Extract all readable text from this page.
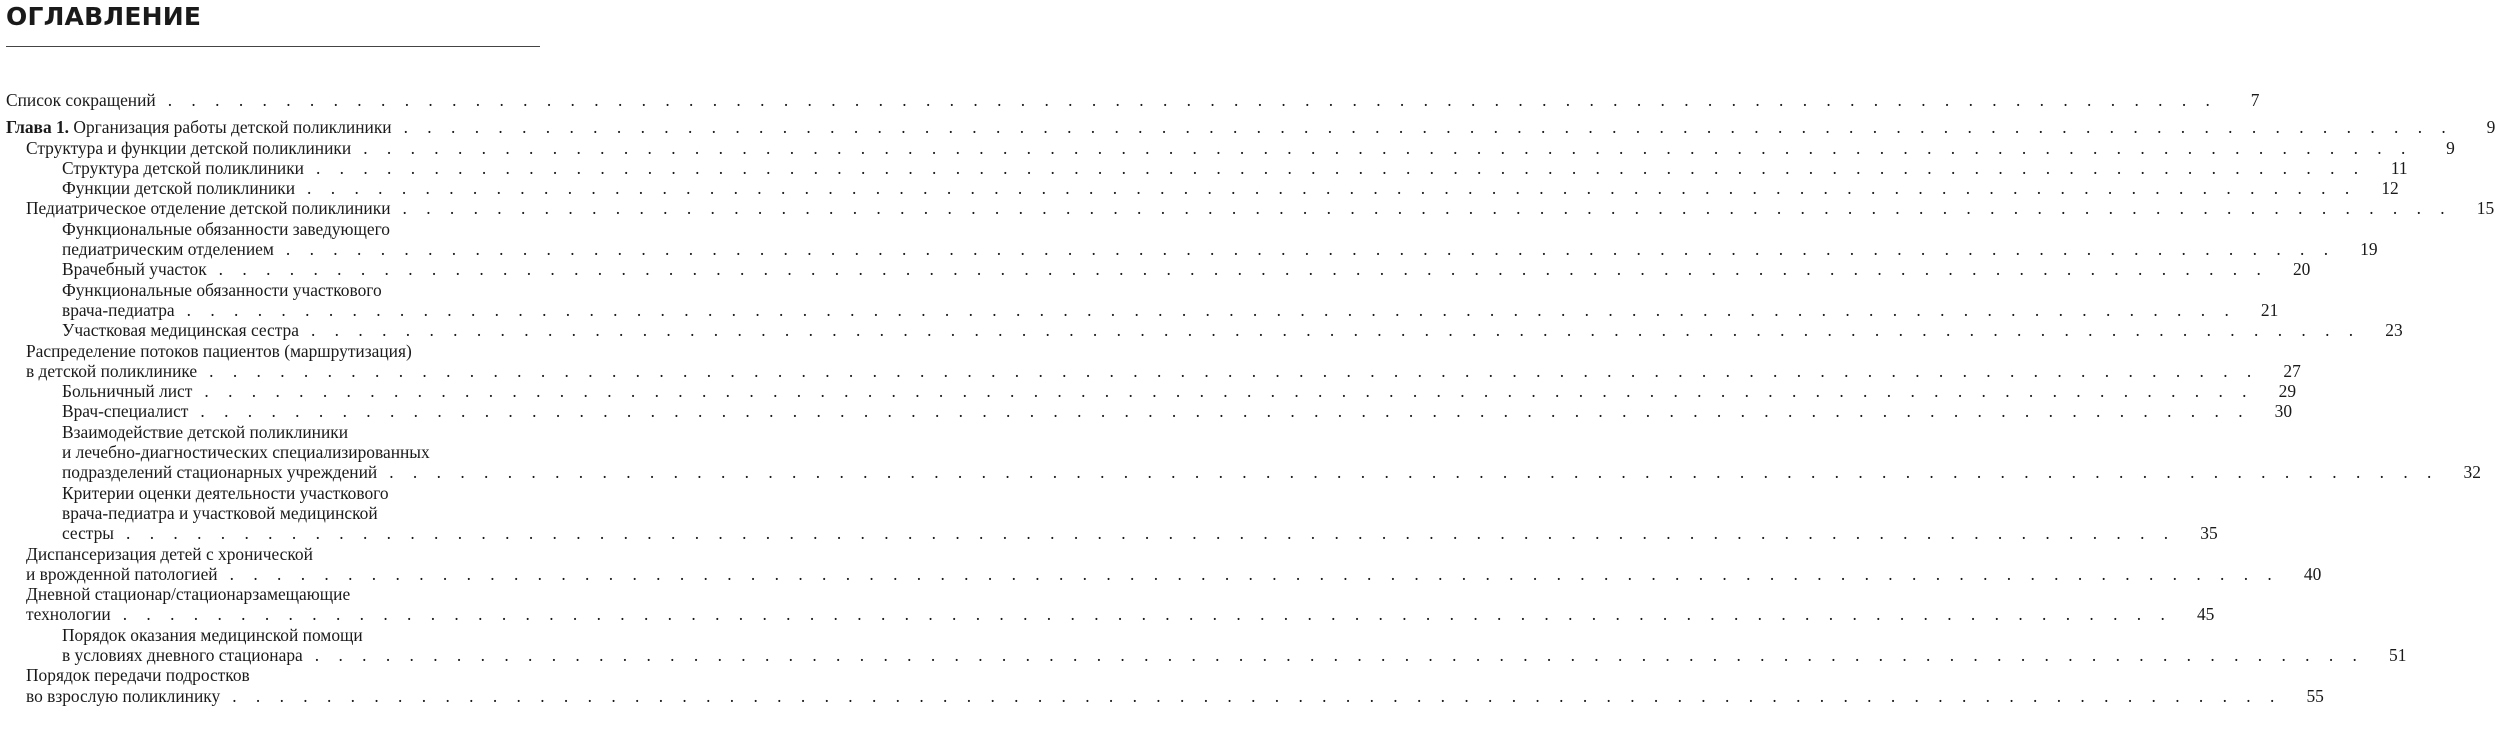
ОГЛАВЛЕНИЕ
Список сокращений . . . . . . . . . . . . . . . . . . . . . . . . . . . . . . . . . . . . . . . . . . . . . . . . . . . . . . . . . . . . . . . . . . . . . . . . . . . . . . . . . . . . . . .	7
Глава 1. Организация работы детской поликлиники . . . . . . . . . . . . . . . . . . . . . . . . . . . . . . . . . . . . . . . . . . . . . . . . . . . . . . . . . . . . . . . . . . . . . . . . . . . . . . . . . . . . . . .	9
Структура и функции детской поликлиники . . . . . . . . . . . . . . . . . . . . . . . . . . . . . . . . . . . . . . . . . . . . . . . . . . . . . . . . . . . . . . . . . . . . . . . . . . . . . . . . . . . . . . .	9
Структура детской поликлиники . . . . . . . . . . . . . . . . . . . . . . . . . . . . . . . . . . . . . . . . . . . . . . . . . . . . . . . . . . . . . . . . . . . . . . . . . . . . . . . . . . . . . . .	11
Функции детской поликлиники . . . . . . . . . . . . . . . . . . . . . . . . . . . . . . . . . . . . . . . . . . . . . . . . . . . . . . . . . . . . . . . . . . . . . . . . . . . . . . . . . . . . . . .	12
Педиатрическое отделение детской поликлиники . . . . . . . . . . . . . . . . . . . . . . . . . . . . . . . . . . . . . . . . . . . . . . . . . . . . . . . . . . . . . . . . . . . . . . . . . . . . . . . . . . . . . . .	15
Функциональные обязанности заведующего
педиатрическим отделением . . . . . . . . . . . . . . . . . . . . . . . . . . . . . . . . . . . . . . . . . . . . . . . . . . . . . . . . . . . . . . . . . . . . . . . . . . . . . . . . . . . . . . .	19
Врачебный участок . . . . . . . . . . . . . . . . . . . . . . . . . . . . . . . . . . . . . . . . . . . . . . . . . . . . . . . . . . . . . . . . . . . . . . . . . . . . . . . . . . . . . . .	20
Функциональные обязанности участкового
врача-педиатра . . . . . . . . . . . . . . . . . . . . . . . . . . . . . . . . . . . . . . . . . . . . . . . . . . . . . . . . . . . . . . . . . . . . . . . . . . . . . . . . . . . . . . .	21
Участковая медицинская сестра . . . . . . . . . . . . . . . . . . . . . . . . . . . . . . . . . . . . . . . . . . . . . . . . . . . . . . . . . . . . . . . . . . . . . . . . . . . . . . . . . . . . . . .	23
Распределение потоков пациентов (маршрутизация)
в детской поликлинике . . . . . . . . . . . . . . . . . . . . . . . . . . . . . . . . . . . . . . . . . . . . . . . . . . . . . . . . . . . . . . . . . . . . . . . . . . . . . . . . . . . . . . .	27
Больничный лист . . . . . . . . . . . . . . . . . . . . . . . . . . . . . . . . . . . . . . . . . . . . . . . . . . . . . . . . . . . . . . . . . . . . . . . . . . . . . . . . . . . . . . .	29
Врач-специалист . . . . . . . . . . . . . . . . . . . . . . . . . . . . . . . . . . . . . . . . . . . . . . . . . . . . . . . . . . . . . . . . . . . . . . . . . . . . . . . . . . . . . . .	30
Взаимодействие детской поликлиники
и лечебно-диагностических специализированных
подразделений стационарных учреждений . . . . . . . . . . . . . . . . . . . . . . . . . . . . . . . . . . . . . . . . . . . . . . . . . . . . . . . . . . . . . . . . . . . . . . . . . . . . . . . . . . . . . . .	32
Критерии оценки деятельности участкового
врача-педиатра и участковой медицинской
сестры . . . . . . . . . . . . . . . . . . . . . . . . . . . . . . . . . . . . . . . . . . . . . . . . . . . . . . . . . . . . . . . . . . . . . . . . . . . . . . . . . . . . . . .	35
Диспансеризация детей с хронической
и врожденной патологией . . . . . . . . . . . . . . . . . . . . . . . . . . . . . . . . . . . . . . . . . . . . . . . . . . . . . . . . . . . . . . . . . . . . . . . . . . . . . . . . . . . . . . .	40
Дневной стационар/стационарзамещающие
технологии . . . . . . . . . . . . . . . . . . . . . . . . . . . . . . . . . . . . . . . . . . . . . . . . . . . . . . . . . . . . . . . . . . . . . . . . . . . . . . . . . . . . . . .	45
Порядок оказания медицинской помощи
в условиях дневного стационара . . . . . . . . . . . . . . . . . . . . . . . . . . . . . . . . . . . . . . . . . . . . . . . . . . . . . . . . . . . . . . . . . . . . . . . . . . . . . . . . . . . . . . .	51
Порядок передачи подростков
во взрослую поликлинику . . . . . . . . . . . . . . . . . . . . . . . . . . . . . . . . . . . . . . . . . . . . . . . . . . . . . . . . . . . . . . . . . . . . . . . . . . . . . . . . . . . . . . .	55
